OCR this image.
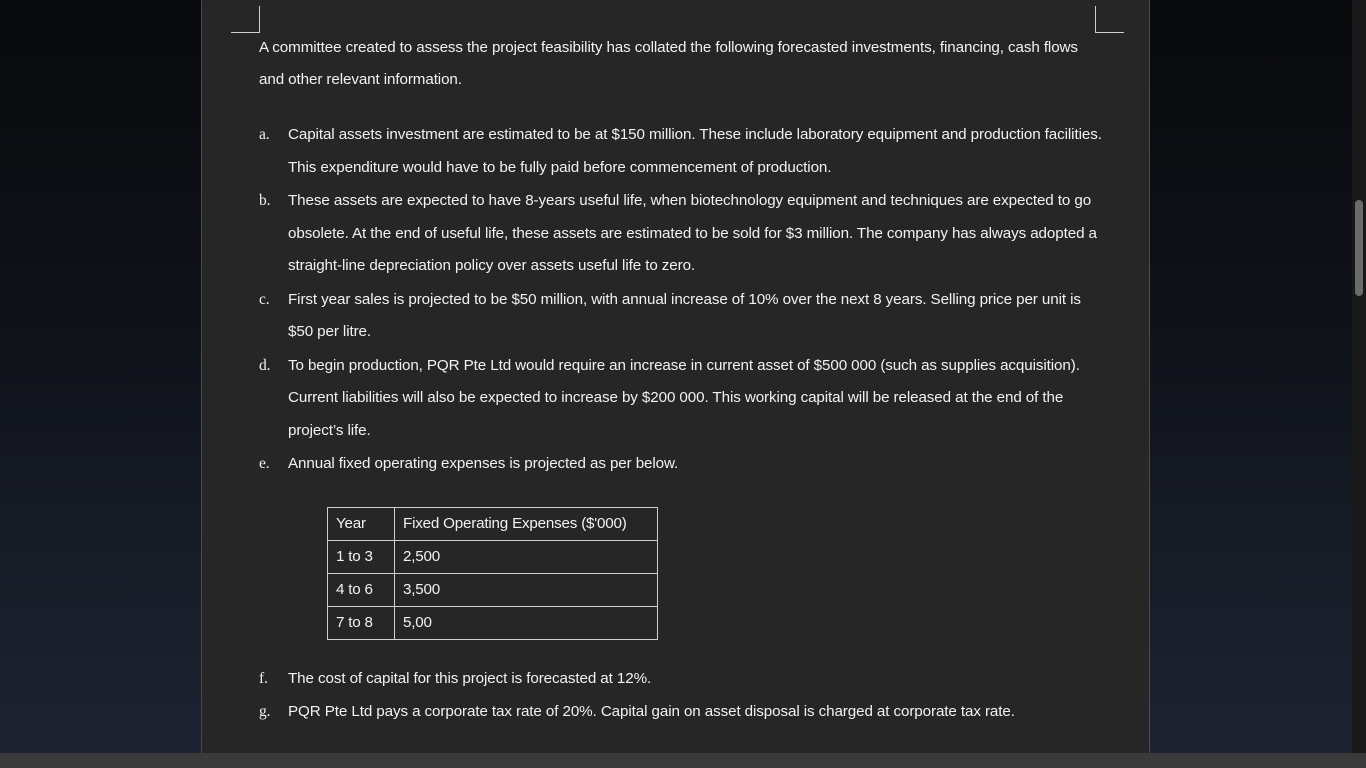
A committee created to assess the project feasibility has collated the following forecasted investments, financing, cash flows and other relevant information.

a. Capital assets investment are estimated to be at $150 million. These include laboratory equipment and production facilities. This expenditure would have to be fully paid before commencement of production.
b. These assets are expected to have 8-years useful life, when biotechnology equipment and techniques are expected to go obsolete. At the end of useful life, these assets are estimated to be sold for $3 million. The company has always adopted a straight-line depreciation policy over assets useful life to zero.
c. First year sales is projected to be $50 million, with annual increase of 10% over the next 8 years. Selling price per unit is $50 per litre.
d. To begin production, PQR Pte Ltd would require an increase in current asset of $500 000 (such as supplies acquisition). Current liabilities will also be expected to increase by $200 000. This working capital will be released at the end of the project’s life.
e. Annual fixed operating expenses is projected as per below.
Year	Fixed Operating Expenses ($'000)
1 to 3	2,500
4 to 6	3,500
7 to 8	5,00
f. The cost of capital for this project is forecasted at 12%.
g. PQR Pte Ltd pays a corporate tax rate of 20%. Capital gain on asset disposal is charged at corporate tax rate.
